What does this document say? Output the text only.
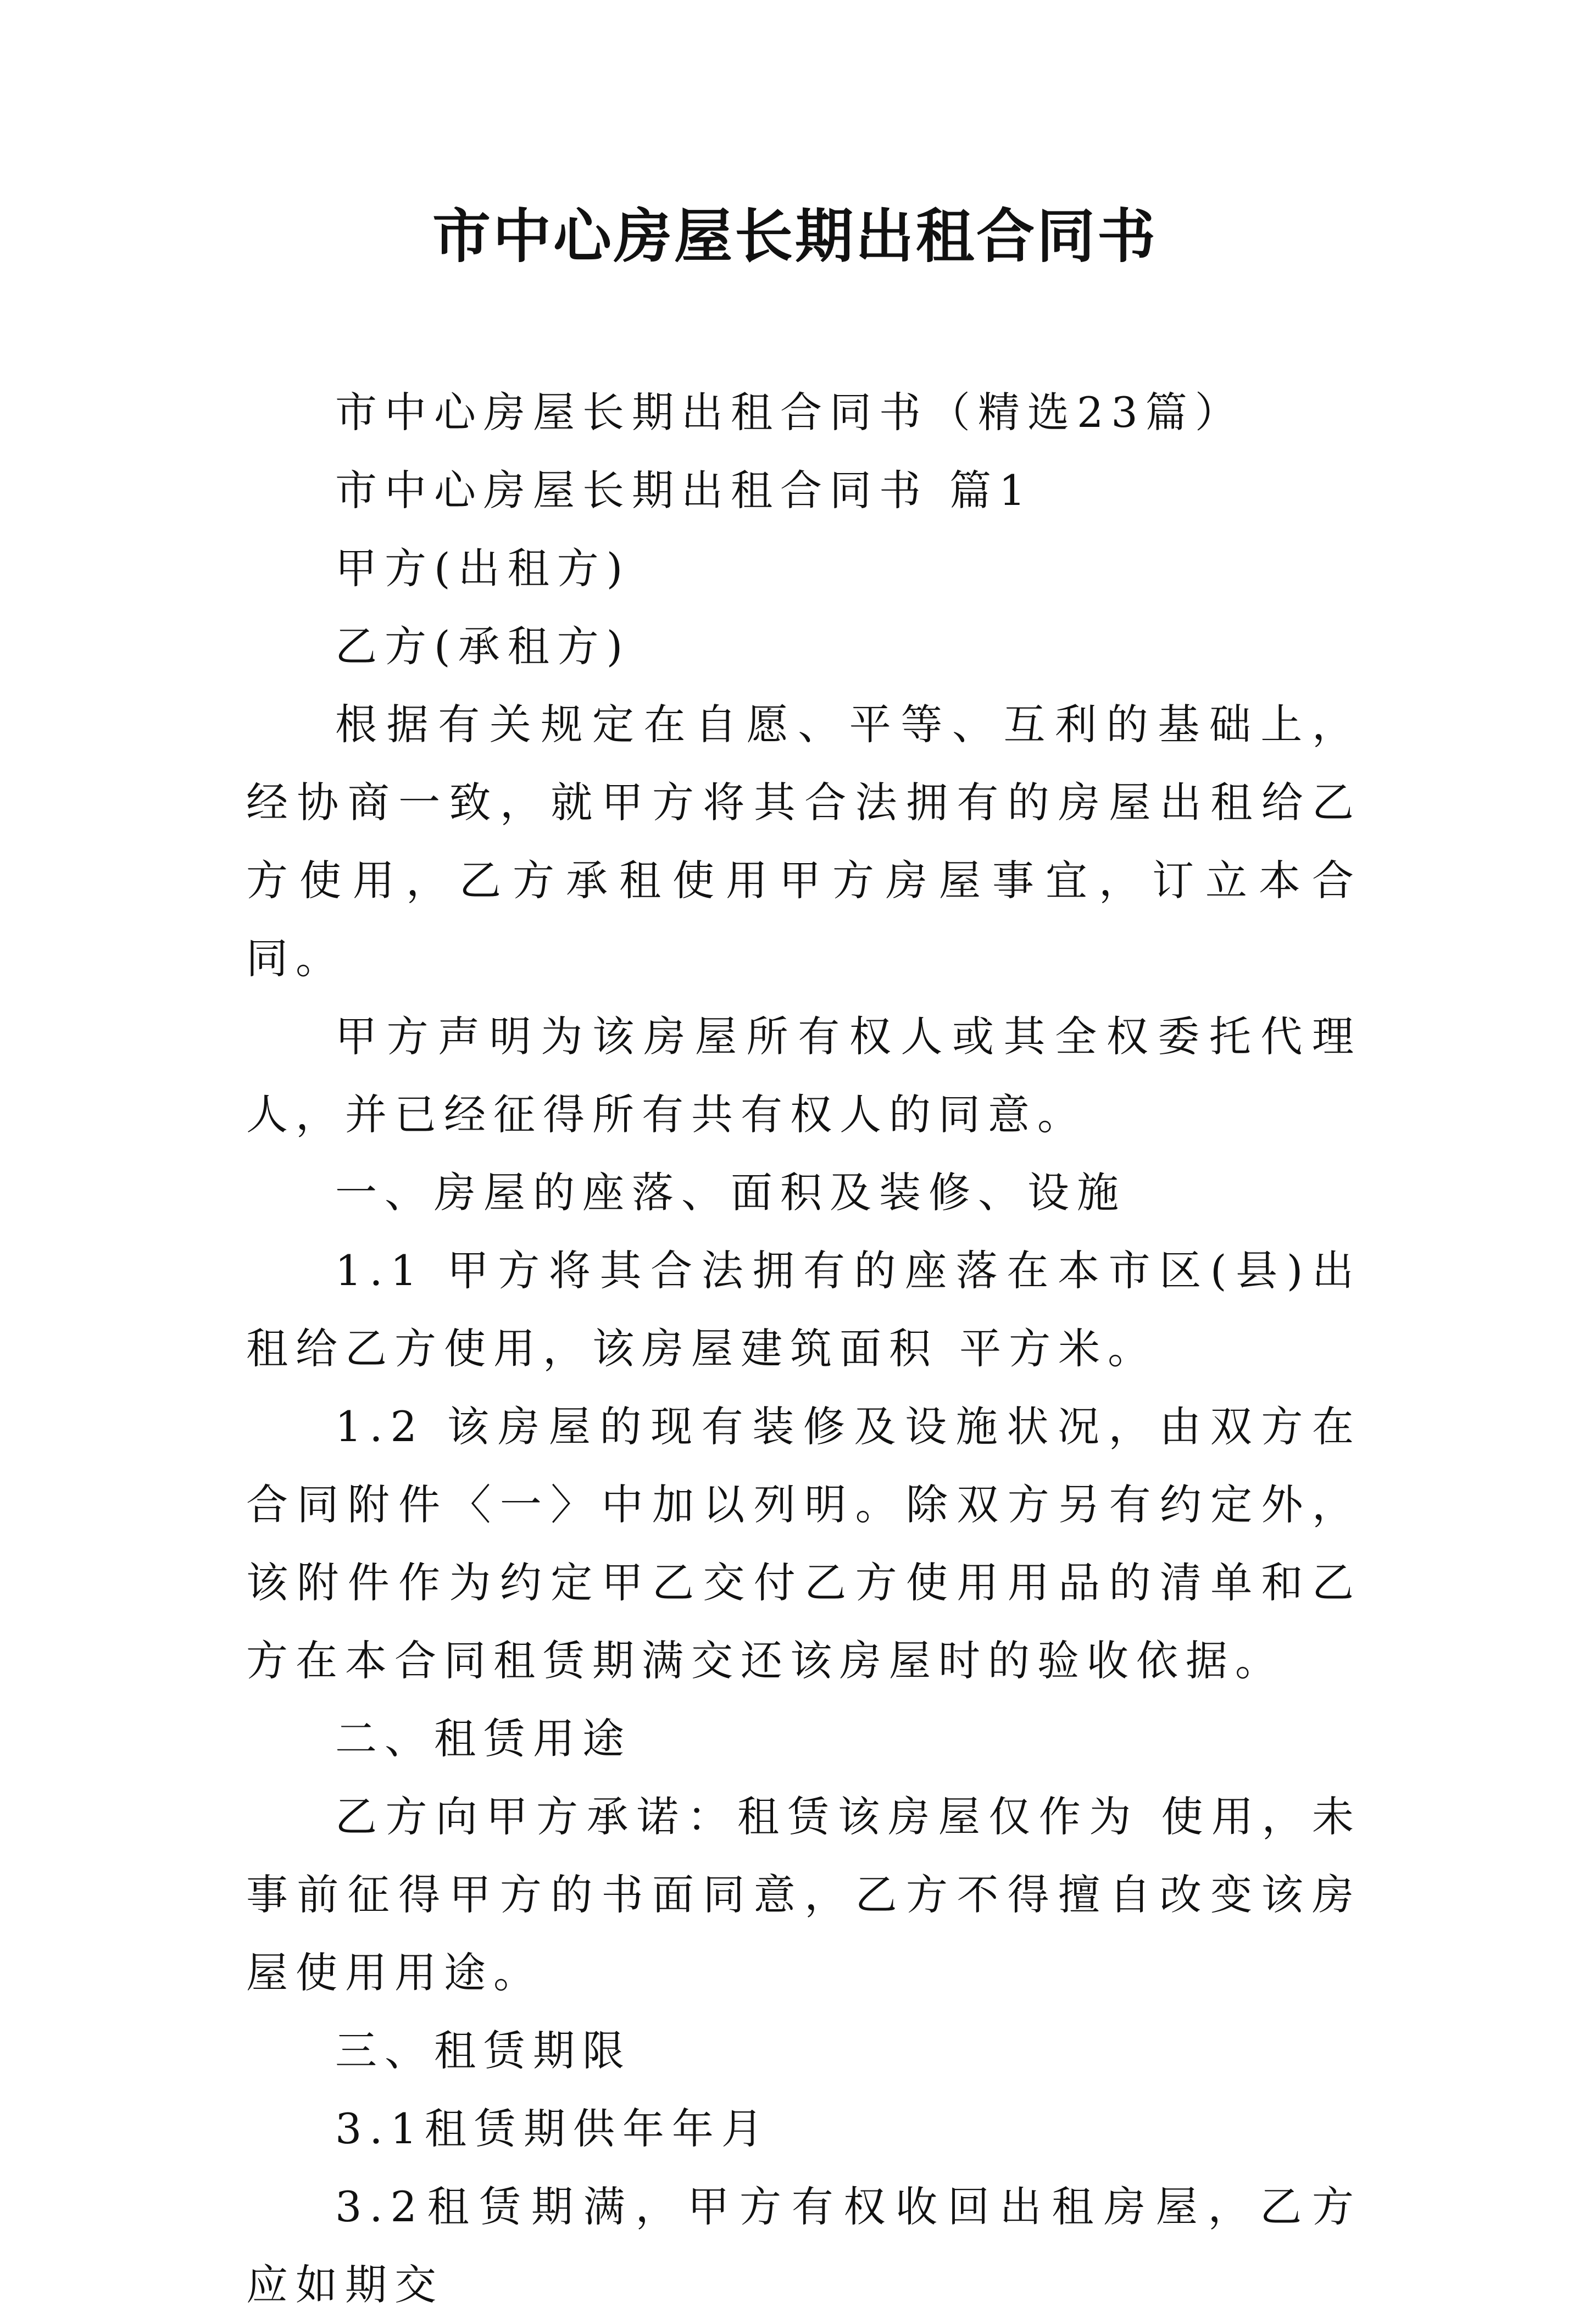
市中心房屋长期出租合同书

市中心房屋长期出租合同书（精选23篇）

市中心房屋长期出租合同书 篇1

甲方(出租方)

乙方(承租方)

根据有关规定在自愿、平等、互利的基础上，经协商一致，就甲方将其合法拥有的房屋出租给乙方使用，乙方承租使用甲方房屋事宜，订立本合同。

甲方声明为该房屋所有权人或其全权委托代理人，并已经征得所有共有权人的同意。

一、房屋的座落、面积及装修、设施

1.1 甲方将其合法拥有的座落在本市区(县)出租给乙方使用，该房屋建筑面积 平方米。

1.2 该房屋的现有装修及设施状况，由双方在合同附件〈一〉中加以列明。除双方另有约定外，该附件作为约定甲乙交付乙方使用用品的清单和乙方在本合同租赁期满交还该房屋时的验收依据。

二、租赁用途

乙方向甲方承诺：租赁该房屋仅作为 使用，未事前征得甲方的书面同意，乙方不得擅自改变该房屋使用用途。

三、租赁期限

3.1租赁期供年年月

3.2租赁期满，甲方有权收回出租房屋，乙方应如期交
